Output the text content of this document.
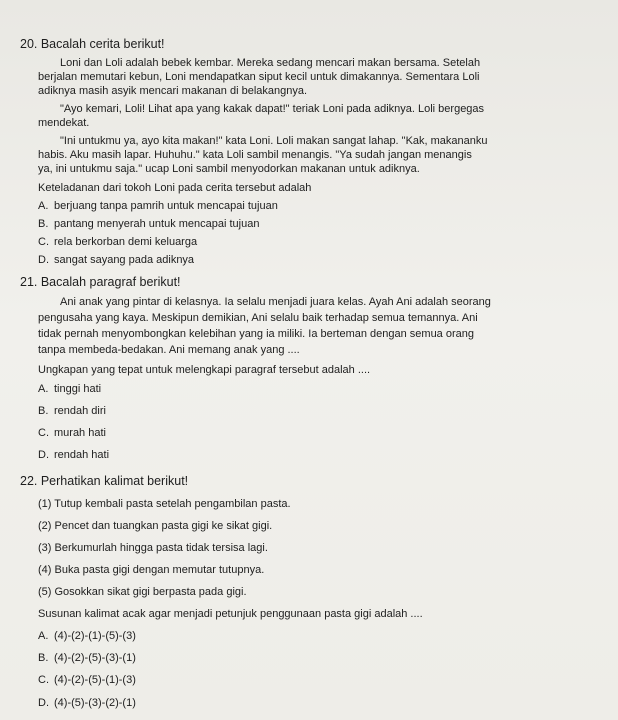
20. Bacalah cerita berikut!
Loni dan Loli adalah bebek kembar. Mereka sedang mencari makan bersama. Setelah
berjalan memutari kebun, Loni mendapatkan siput kecil untuk dimakannya. Sementara Loli
adiknya masih asyik mencari makanan di belakangnya.
"Ayo kemari, Loli! Lihat apa yang kakak dapat!" teriak Loni pada adiknya. Loli bergegas
mendekat.
"Ini untukmu ya, ayo kita makan!" kata Loni. Loli makan sangat lahap. "Kak, makananku
habis. Aku masih lapar. Huhuhu." kata Loli sambil menangis. "Ya sudah jangan menangis
ya, ini untukmu saja." ucap Loni sambil menyodorkan makanan untuk adiknya.
Keteladanan dari tokoh Loni pada cerita tersebut adalah
A. berjuang tanpa pamrih untuk mencapai tujuan
B. pantang menyerah untuk mencapai tujuan
C. rela berkorban demi keluarga
D. sangat sayang pada adiknya
21. Bacalah paragraf berikut!
Ani anak yang pintar di kelasnya. Ia selalu menjadi juara kelas. Ayah Ani adalah seorang
pengusaha yang kaya. Meskipun demikian, Ani selalu baik terhadap semua temannya. Ani
tidak pernah menyombongkan kelebihan yang ia miliki. Ia berteman dengan semua orang
tanpa membeda-bedakan. Ani memang anak yang ....
Ungkapan yang tepat untuk melengkapi paragraf tersebut adalah ....
A. tinggi hati
B. rendah diri
C. murah hati
D. rendah hati
22. Perhatikan kalimat berikut!
(1) Tutup kembali pasta setelah pengambilan pasta.
(2) Pencet dan tuangkan pasta gigi ke sikat gigi.
(3) Berkumurlah hingga pasta tidak tersisa lagi.
(4) Buka pasta gigi dengan memutar tutupnya.
(5) Gosokkan sikat gigi berpasta pada gigi.
Susunan kalimat acak agar menjadi petunjuk penggunaan pasta gigi adalah ....
A. (4)-(2)-(1)-(5)-(3)
B. (4)-(2)-(5)-(3)-(1)
C. (4)-(2)-(5)-(1)-(3)
D. (4)-(5)-(3)-(2)-(1)
